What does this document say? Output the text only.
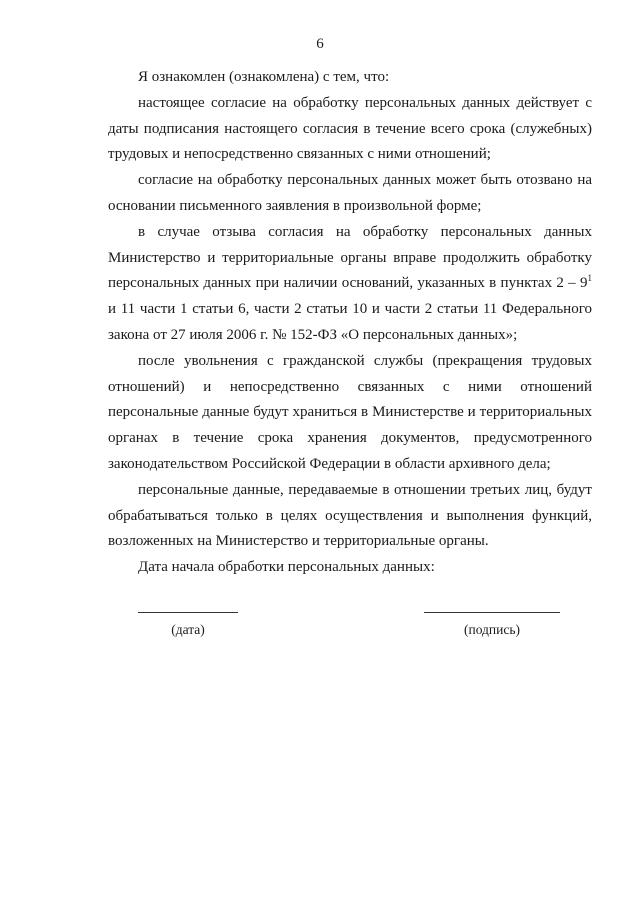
6

Я ознакомлен (ознакомлена) с тем, что:

настоящее согласие на обработку персональных данных действует с даты подписания настоящего согласия в течение всего срока (служебных) трудовых и непосредственно связанных с ними отношений;

согласие на обработку персональных данных может быть отозвано на основании письменного заявления в произвольной форме;

в случае отзыва согласия на обработку персональных данных Министерство и территориальные органы вправе продолжить обработку персональных данных при наличии оснований, указанных в пунктах $2 - 9^1$ и 11 части 1 статьи 6, части 2 статьи 10 и части 2 статьи 11 Федерального закона от 27 июля 2006 г. № 152-ФЗ «О персональных данных»;

после увольнения с гражданской службы (прекращения трудовых отношений) и непосредственно связанных с ними отношений персональные данные будут храниться в Министерстве и территориальных органах в течение срока хранения документов, предусмотренного законодательством Российской Федерации в области архивного дела;

персональные данные, передаваемые в отношении третьих лиц, будут обрабатываться только в целях осуществления и выполнения функций, возложенных на Министерство и территориальные органы.

Дата начала обработки персональных данных:

(дата)	(подпись)
